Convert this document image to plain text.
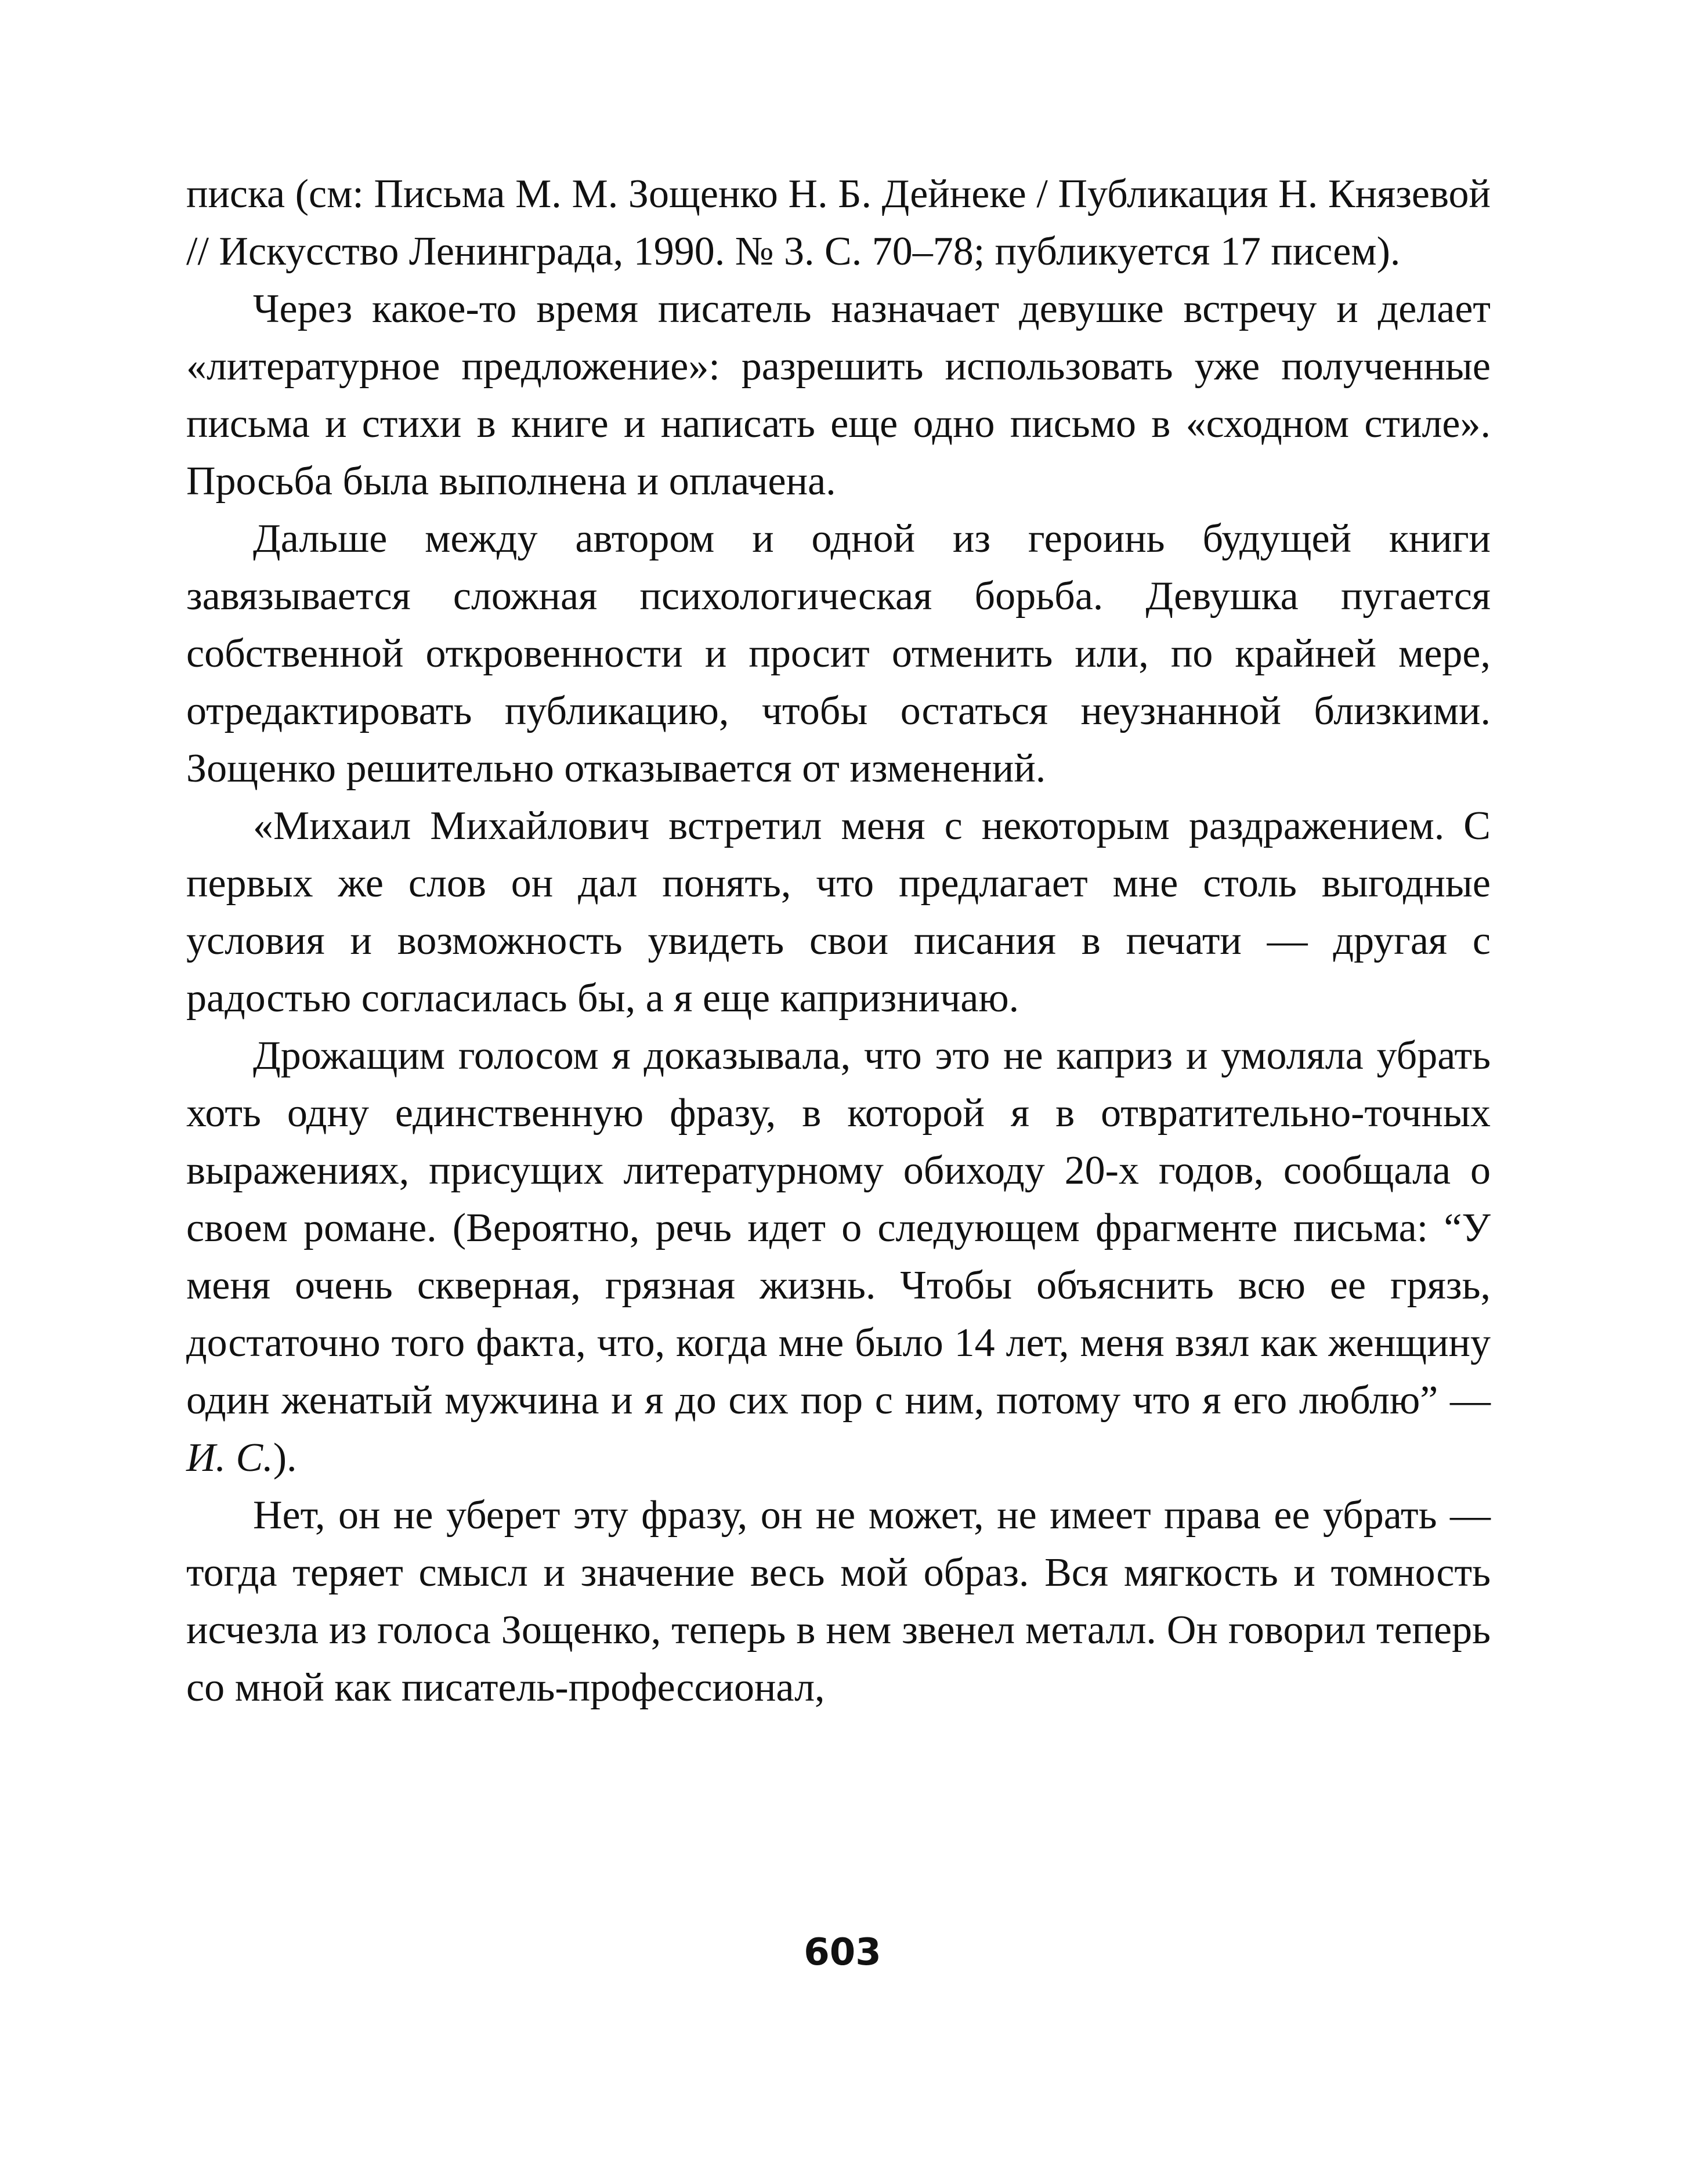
писка (см: Письма М. М. Зощенко Н. Б. Дейнеке / Публикация Н. Князевой // Искусство Ленинграда, 1990. № 3. С. 70–78; публикуется 17 писем).

Через какое-то время писатель назначает девушке встречу и делает «литературное предложение»: разрешить использовать уже полученные письма и стихи в книге и написать еще одно письмо в «сходном стиле». Просьба была выполнена и оплачена.

Дальше между автором и одной из героинь будущей книги завязывается сложная психологическая борьба. Девушка пугается собственной откровенности и просит отменить или, по крайней мере, отредактировать публикацию, чтобы остаться неузнанной близкими. Зощенко решительно отказывается от изменений.

«Михаил Михайлович встретил меня с некоторым раздражением. С первых же слов он дал понять, что предлагает мне столь выгодные условия и возможность увидеть свои писания в печати — другая с радостью согласилась бы, а я еще капризничаю.

Дрожащим голосом я доказывала, что это не каприз и умоляла убрать хоть одну единственную фразу, в которой я в отвратительно-точных выражениях, присущих литературному обиходу 20-х годов, сообщала о своем романе. (Вероятно, речь идет о следующем фрагменте письма: “У меня очень скверная, грязная жизнь. Чтобы объяснить всю ее грязь, достаточно того факта, что, когда мне было 14 лет, меня взял как женщину один женатый мужчина и я до сих пор с ним, потому что я его люблю” — И. С.).

Нет, он не уберет эту фразу, он не может, не имеет права ее убрать — тогда теряет смысл и значение весь мой образ. Вся мягкость и томность исчезла из голоса Зощенко, теперь в нем звенел металл. Он говорил теперь со мной как писатель-профессионал,

603
